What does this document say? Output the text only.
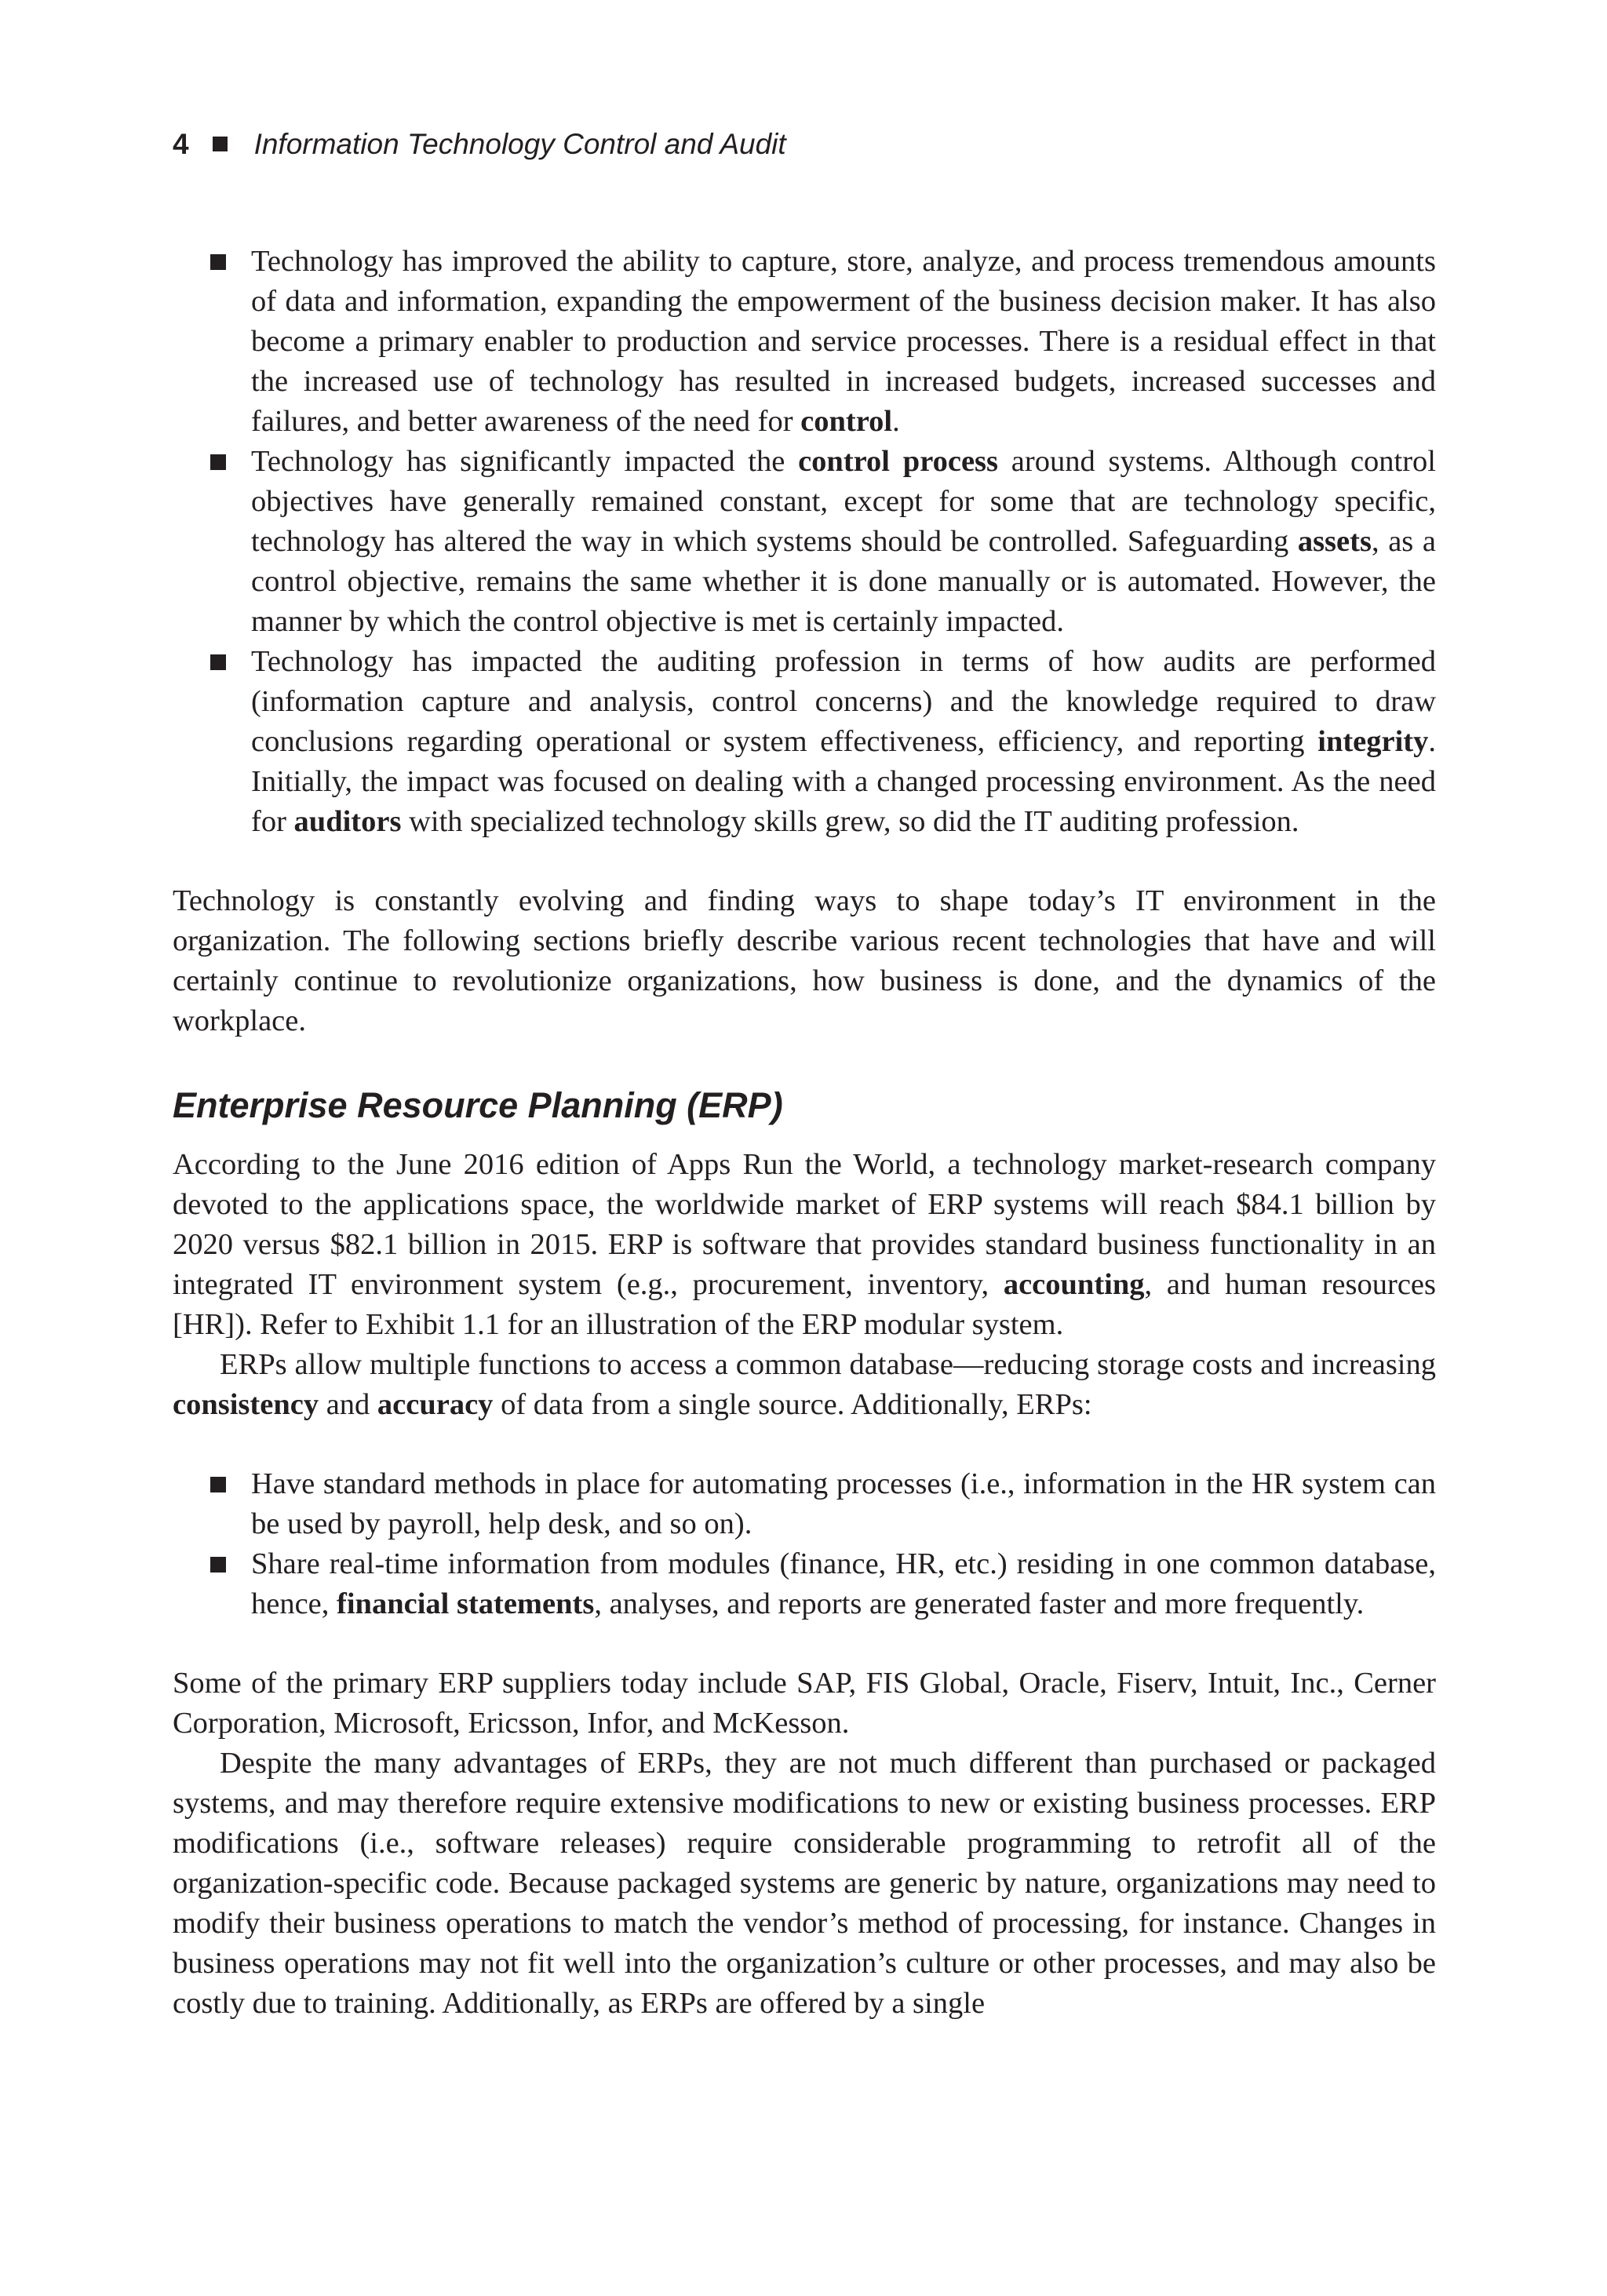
4 Information Technology Control and Audit
Technology has improved the ability to capture, store, analyze, and process tremendous amounts of data and information, expanding the empowerment of the business decision maker. It has also become a primary enabler to production and service processes. There is a residual effect in that the increased use of technology has resulted in increased budgets, increased successes and failures, and better awareness of the need for control.
Technology has significantly impacted the control process around systems. Although control objectives have generally remained constant, except for some that are technology specific, technology has altered the way in which systems should be controlled. Safeguarding assets, as a control objective, remains the same whether it is done manually or is automated. However, the manner by which the control objective is met is certainly impacted.
Technology has impacted the auditing profession in terms of how audits are performed (information capture and analysis, control concerns) and the knowledge required to draw conclusions regarding operational or system effectiveness, efficiency, and reporting integrity. Initially, the impact was focused on dealing with a changed processing environment. As the need for auditors with specialized technology skills grew, so did the IT auditing profession.

Technology is constantly evolving and finding ways to shape today’s IT environment in the organization. The following sections briefly describe various recent technologies that have and will certainly continue to revolutionize organizations, how business is done, and the dynamics of the workplace.

Enterprise Resource Planning (ERP)

According to the June 2016 edition of Apps Run the World, a technology market-research company devoted to the applications space, the worldwide market of ERP systems will reach $84.1 billion by 2020 versus $82.1 billion in 2015. ERP is software that provides standard business functionality in an integrated IT environment system (e.g., procurement, inventory, accounting, and human resources [HR]). Refer to Exhibit 1.1 for an illustration of the ERP modular system.

ERPs allow multiple functions to access a common database—reducing storage costs and increasing consistency and accuracy of data from a single source. Additionally, ERPs:

Have standard methods in place for automating processes (i.e., information in the HR system can be used by payroll, help desk, and so on).
Share real-time information from modules (finance, HR, etc.) residing in one common database, hence, financial statements, analyses, and reports are generated faster and more frequently.

Some of the primary ERP suppliers today include SAP, FIS Global, Oracle, Fiserv, Intuit, Inc., Cerner Corporation, Microsoft, Ericsson, Infor, and McKesson.

Despite the many advantages of ERPs, they are not much different than purchased or packaged systems, and may therefore require extensive modifications to new or existing business processes. ERP modifications (i.e., software releases) require considerable programming to retrofit all of the organization-specific code. Because packaged systems are generic by nature, organizations may need to modify their business operations to match the vendor’s method of processing, for instance. Changes in business operations may not fit well into the organization’s culture or other processes, and may also be costly due to training. Additionally, as ERPs are offered by a single
